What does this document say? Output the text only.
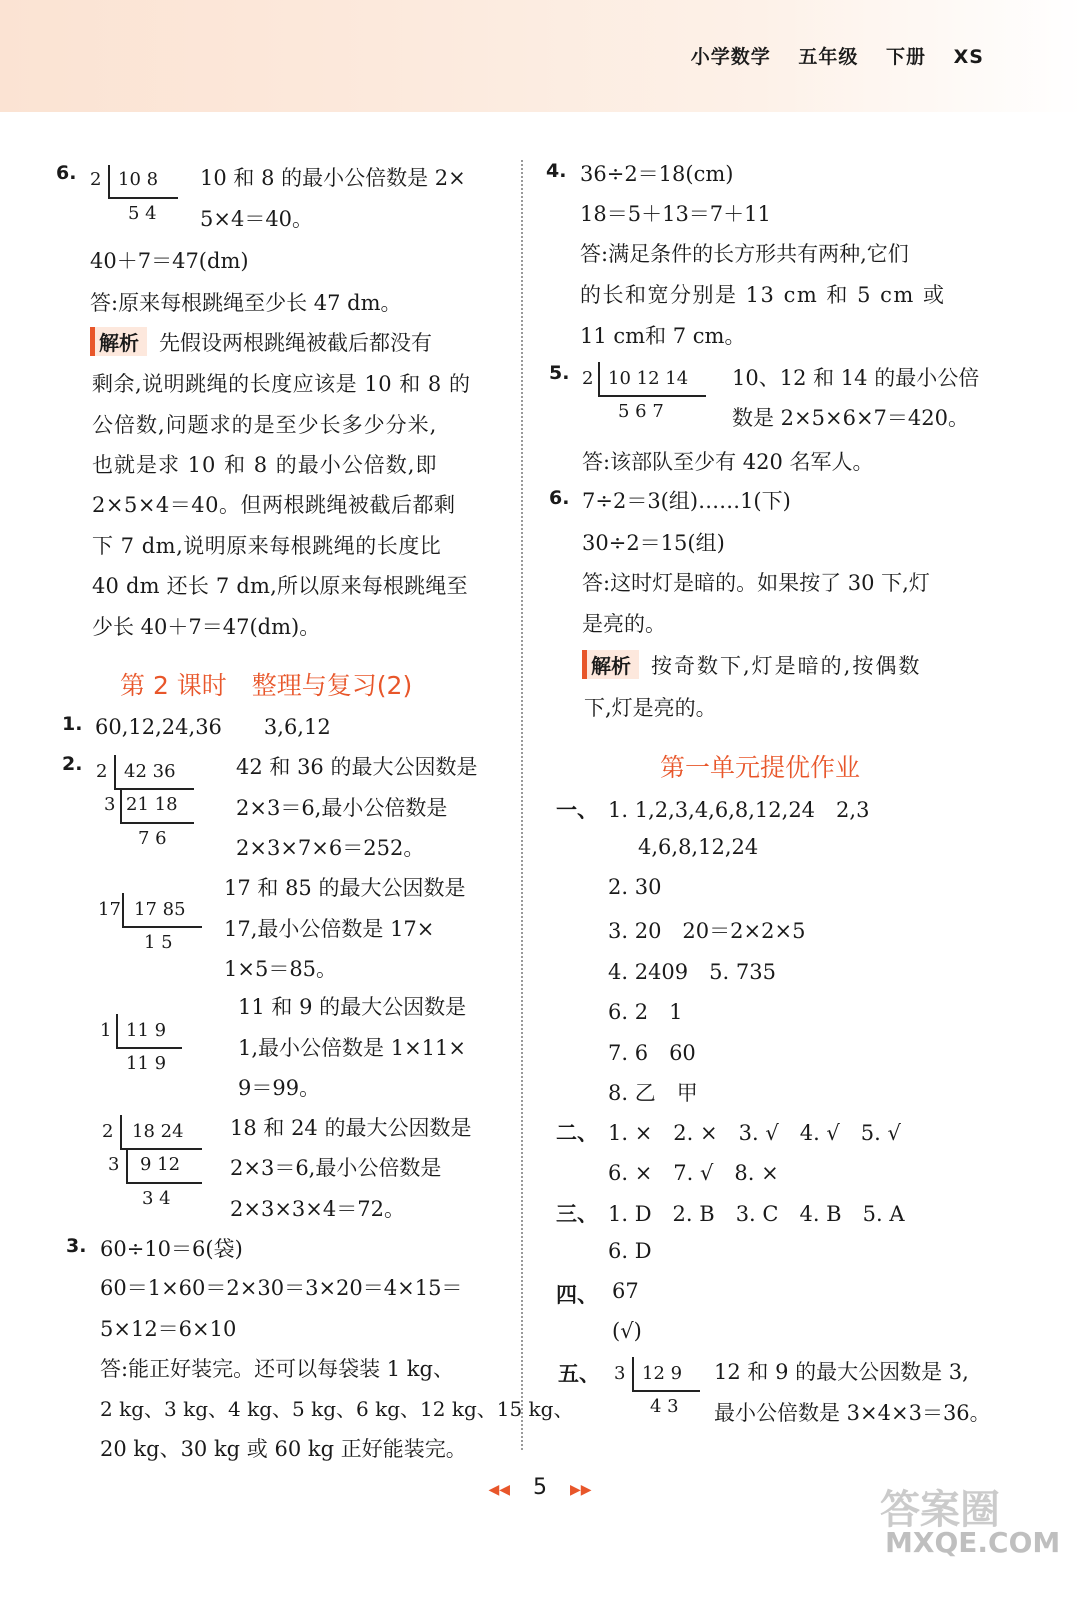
小学数学 五年级 下册 XS
6. 2 10 8
5 4
10 和 8 的最小公倍数是 2×
5×4＝40。
40＋7＝47(dm)
答:原来每根跳绳至少长 47 dm。
解析 先假设两根跳绳被截后都没有
剩余,说明跳绳的长度应该是 10 和 8 的
公倍数,问题求的是至少长多少分米,
也就是求 10 和 8 的最小公倍数,即
2×5×4＝40。但两根跳绳被截后都剩
下 7 dm,说明原来每根跳绳的长度比
40 dm 还长 7 dm,所以原来每根跳绳至
少长 40＋7＝47(dm)。
第 2 课时　整理与复习(2)
1. 60,12,24,36　　3,6,12
2. 2 42 36
3 21 18
7 6
42 和 36 的最大公因数是
2×3＝6,最小公倍数是
2×3×7×6＝252。
17 17 85
1 5
17 和 85 的最大公因数是
17,最小公倍数是 17×
1×5＝85。
1 11 9
11 9
11 和 9 的最大公因数是
1,最小公倍数是 1×11×
9＝99。
2 18 24
3 9 12
3 4
18 和 24 的最大公因数是
2×3＝6,最小公倍数是
2×3×3×4＝72。
3. 60÷10＝6(袋)
60＝1×60＝2×30＝3×20＝4×15＝
5×12＝6×10
答:能正好装完。还可以每袋装 1 kg、
2 kg、3 kg、4 kg、5 kg、6 kg、12 kg、15 kg、
20 kg、30 kg 或 60 kg 正好能装完。
4. 36÷2＝18(cm)
18＝5＋13＝7＋11
答:满足条件的长方形共有两种,它们
的长和宽分别是 13 cm 和 5 cm 或
11 cm和 7 cm。
5. 2 10 12 14
5 6 7
10、12 和 14 的最小公倍
数是 2×5×6×7＝420。
答:该部队至少有 420 名军人。
6. 7÷2＝3(组)……1(下)
30÷2＝15(组)
答:这时灯是暗的。如果按了 30 下,灯
是亮的。
解析 按奇数下,灯是暗的,按偶数
下,灯是亮的。
第一单元提优作业
一、 1. 1,2,3,4,6,8,12,24　2,3
4,6,8,12,24
2. 30
3. 20　20＝2×2×5
4. 2409　5. 735
6. 2　1
7. 6　60
8. 乙　甲
二、 1. ×　2. ×　3. √　4. √　5. √
6. ×　7. √　8. ×
三、 1. D　2. B　3. C　4. B　5. A
6. D
四、 67
(√)
五、 3 12 9
4 3
12 和 9 的最大公因数是 3,
最小公倍数是 3×4×3＝36。
◀◀ 5 ▶▶	答案圈
MXQE.COM
